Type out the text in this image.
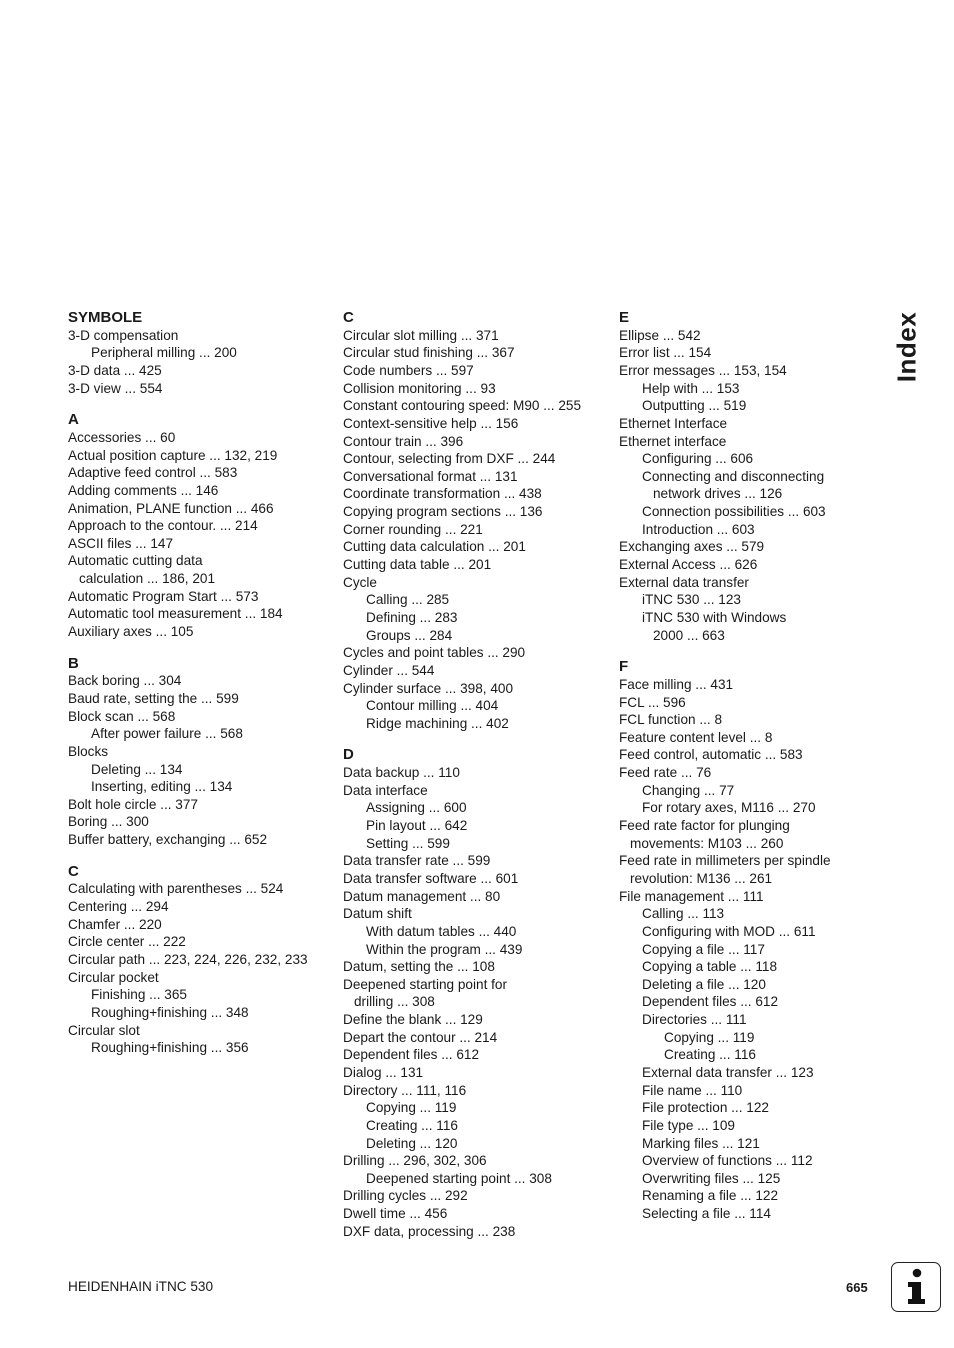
SYMBOLE
3-D compensation
Peripheral milling ... 200
3-D data ... 425
3-D view ... 554
A
Accessories ... 60
Actual position capture ... 132, 219
Adaptive feed control ... 583
Adding comments ... 146
Animation, PLANE function ... 466
Approach to the contour. ... 214
ASCII files ... 147
Automatic cutting data
calculation ... 186, 201
Automatic Program Start ... 573
Automatic tool measurement ... 184
Auxiliary axes ... 105
B
Back boring ... 304
Baud rate, setting the ... 599
Block scan ... 568
After power failure ... 568
Blocks
Deleting ... 134
Inserting, editing ... 134
Bolt hole circle ... 377
Boring ... 300
Buffer battery, exchanging ... 652
C
Calculating with parentheses ... 524
Centering ... 294
Chamfer ... 220
Circle center ... 222
Circular path ... 223, 224, 226, 232, 233
Circular pocket
Finishing ... 365
Roughing+finishing ... 348
Circular slot
Roughing+finishing ... 356
C
Circular slot milling ... 371
Circular stud finishing ... 367
Code numbers ... 597
Collision monitoring ... 93
Constant contouring speed: M90 ... 255
Context-sensitive help ... 156
Contour train ... 396
Contour, selecting from DXF ... 244
Conversational format ... 131
Coordinate transformation ... 438
Copying program sections ... 136
Corner rounding ... 221
Cutting data calculation ... 201
Cutting data table ... 201
Cycle
Calling ... 285
Defining ... 283
Groups ... 284
Cycles and point tables ... 290
Cylinder ... 544
Cylinder surface ... 398, 400
Contour milling ... 404
Ridge machining ... 402
D
Data backup ... 110
Data interface
Assigning ... 600
Pin layout ... 642
Setting ... 599
Data transfer rate ... 599
Data transfer software ... 601
Datum management ... 80
Datum shift
With datum tables ... 440
Within the program ... 439
Datum, setting the ... 108
Deepened starting point for
drilling ... 308
Define the blank ... 129
Depart the contour ... 214
Dependent files ... 612
Dialog ... 131
Directory ... 111, 116
Copying ... 119
Creating ... 116
Deleting ... 120
Drilling ... 296, 302, 306
Deepened starting point ... 308
Drilling cycles ... 292
Dwell time ... 456
DXF data, processing ... 238
E
Ellipse ... 542
Error list ... 154
Error messages ... 153, 154
Help with ... 153
Outputting ... 519
Ethernet Interface
Ethernet interface
Configuring ... 606
Connecting and disconnecting
network drives ... 126
Connection possibilities ... 603
Introduction ... 603
Exchanging axes ... 579
External Access ... 626
External data transfer
iTNC 530 ... 123
iTNC 530 with Windows
2000 ... 663
F
Face milling ... 431
FCL ... 596
FCL function ... 8
Feature content level ... 8
Feed control, automatic ... 583
Feed rate ... 76
Changing ... 77
For rotary axes, M116 ... 270
Feed rate factor for plunging
movements: M103 ... 260
Feed rate in millimeters per spindle
revolution: M136 ... 261
File management ... 111
Calling ... 113
Configuring with MOD ... 611
Copying a file ... 117
Copying a table ... 118
Deleting a file ... 120
Dependent files ... 612
Directories ... 111
Copying ... 119
Creating ... 116
External data transfer ... 123
File name ... 110
File protection ... 122
File type ... 109
Marking files ... 121
Overview of functions ... 112
Overwriting files ... 125
Renaming a file ... 122
Selecting a file ... 114
Index
HEIDENHAIN iTNC 530	665
